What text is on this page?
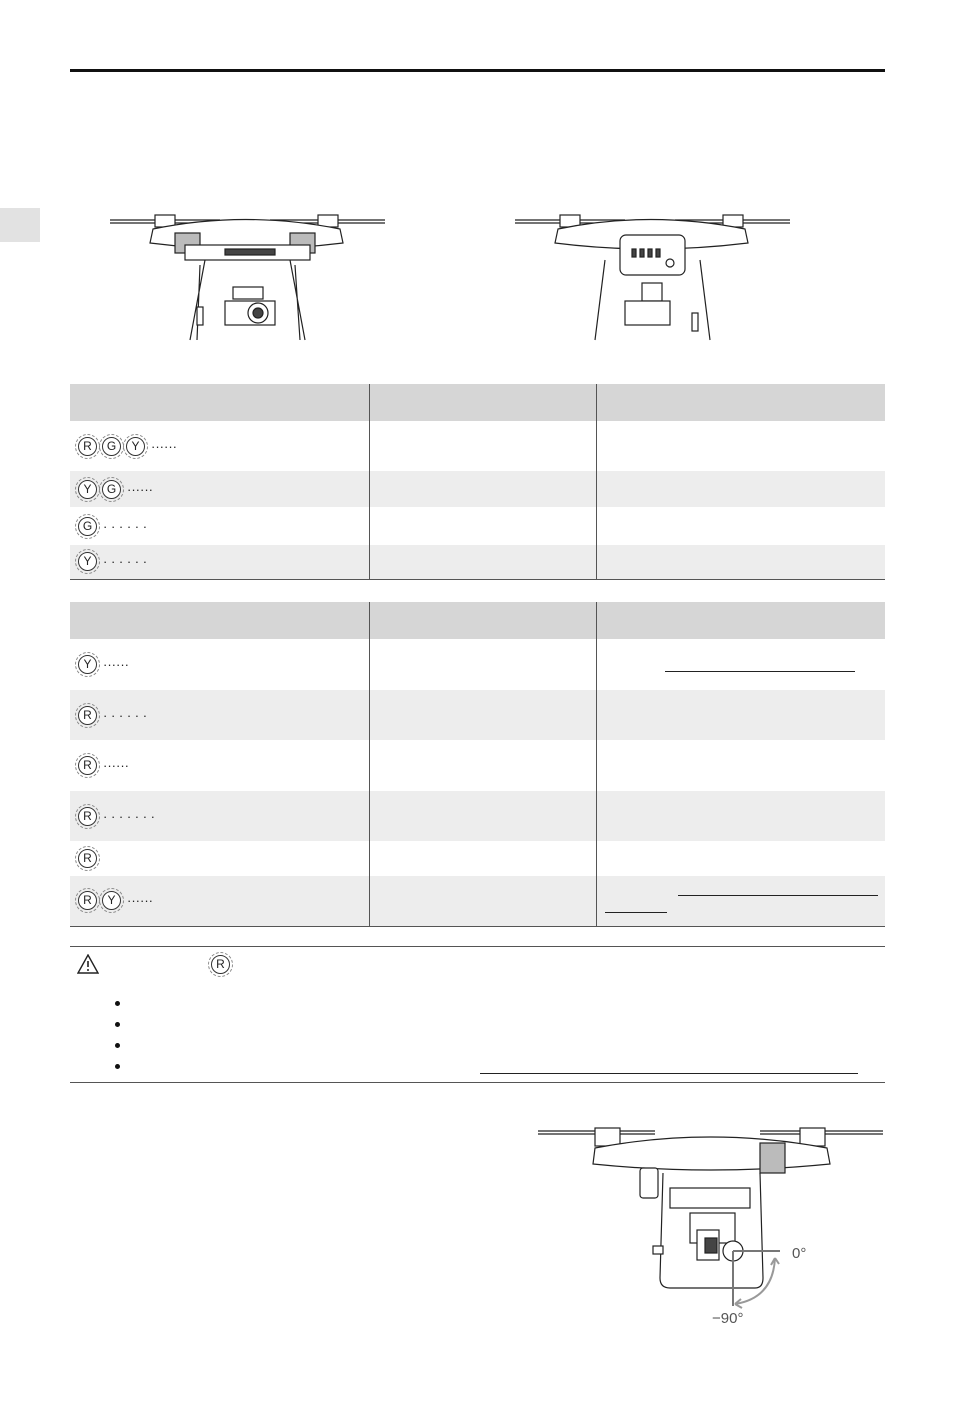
R G Y ······		
Y G ······		
G · · · · · ·		
Y · · · · · ·		

Y ······		
R · · · · · ·		
R ······		
R · · · · · · ·		
R		
R Y ······		
R
0°
−90°
